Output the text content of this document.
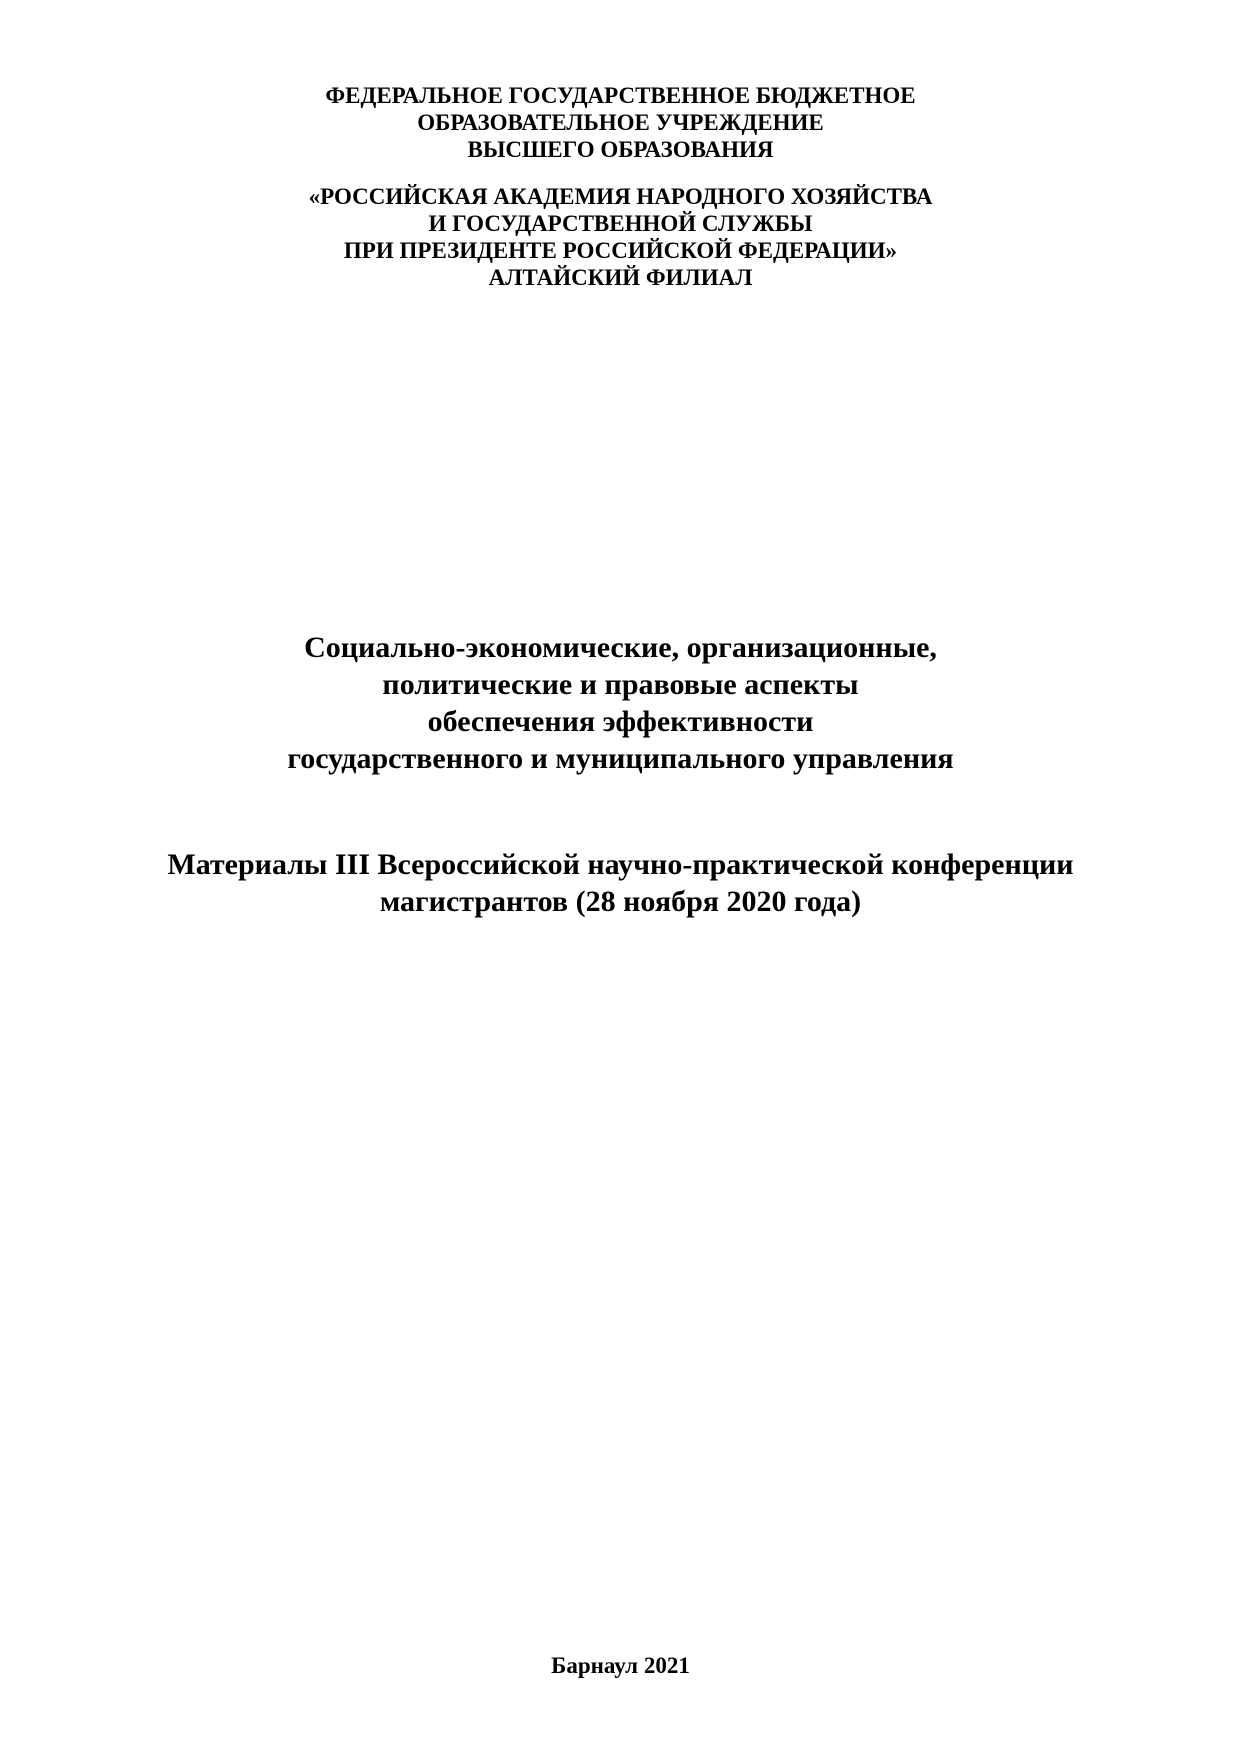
ФЕДЕРАЛЬНОЕ ГОСУДАРСТВЕННОЕ БЮДЖЕТНОЕ
ОБРАЗОВАТЕЛЬНОЕ УЧРЕЖДЕНИЕ
ВЫСШЕГО ОБРАЗОВАНИЯ
«РОССИЙСКАЯ АКАДЕМИЯ НАРОДНОГО ХОЗЯЙСТВА
И ГОСУДАРСТВЕННОЙ СЛУЖБЫ
ПРИ ПРЕЗИДЕНТЕ РОССИЙСКОЙ ФЕДЕРАЦИИ»
АЛТАЙСКИЙ ФИЛИАЛ
Социально-экономические, организационные,
политические и правовые аспекты
обеспечения эффективности
государственного и муниципального управления
Материалы III Всероссийской научно-практической конференции
магистрантов (28 ноября 2020 года)
Барнаул 2021
